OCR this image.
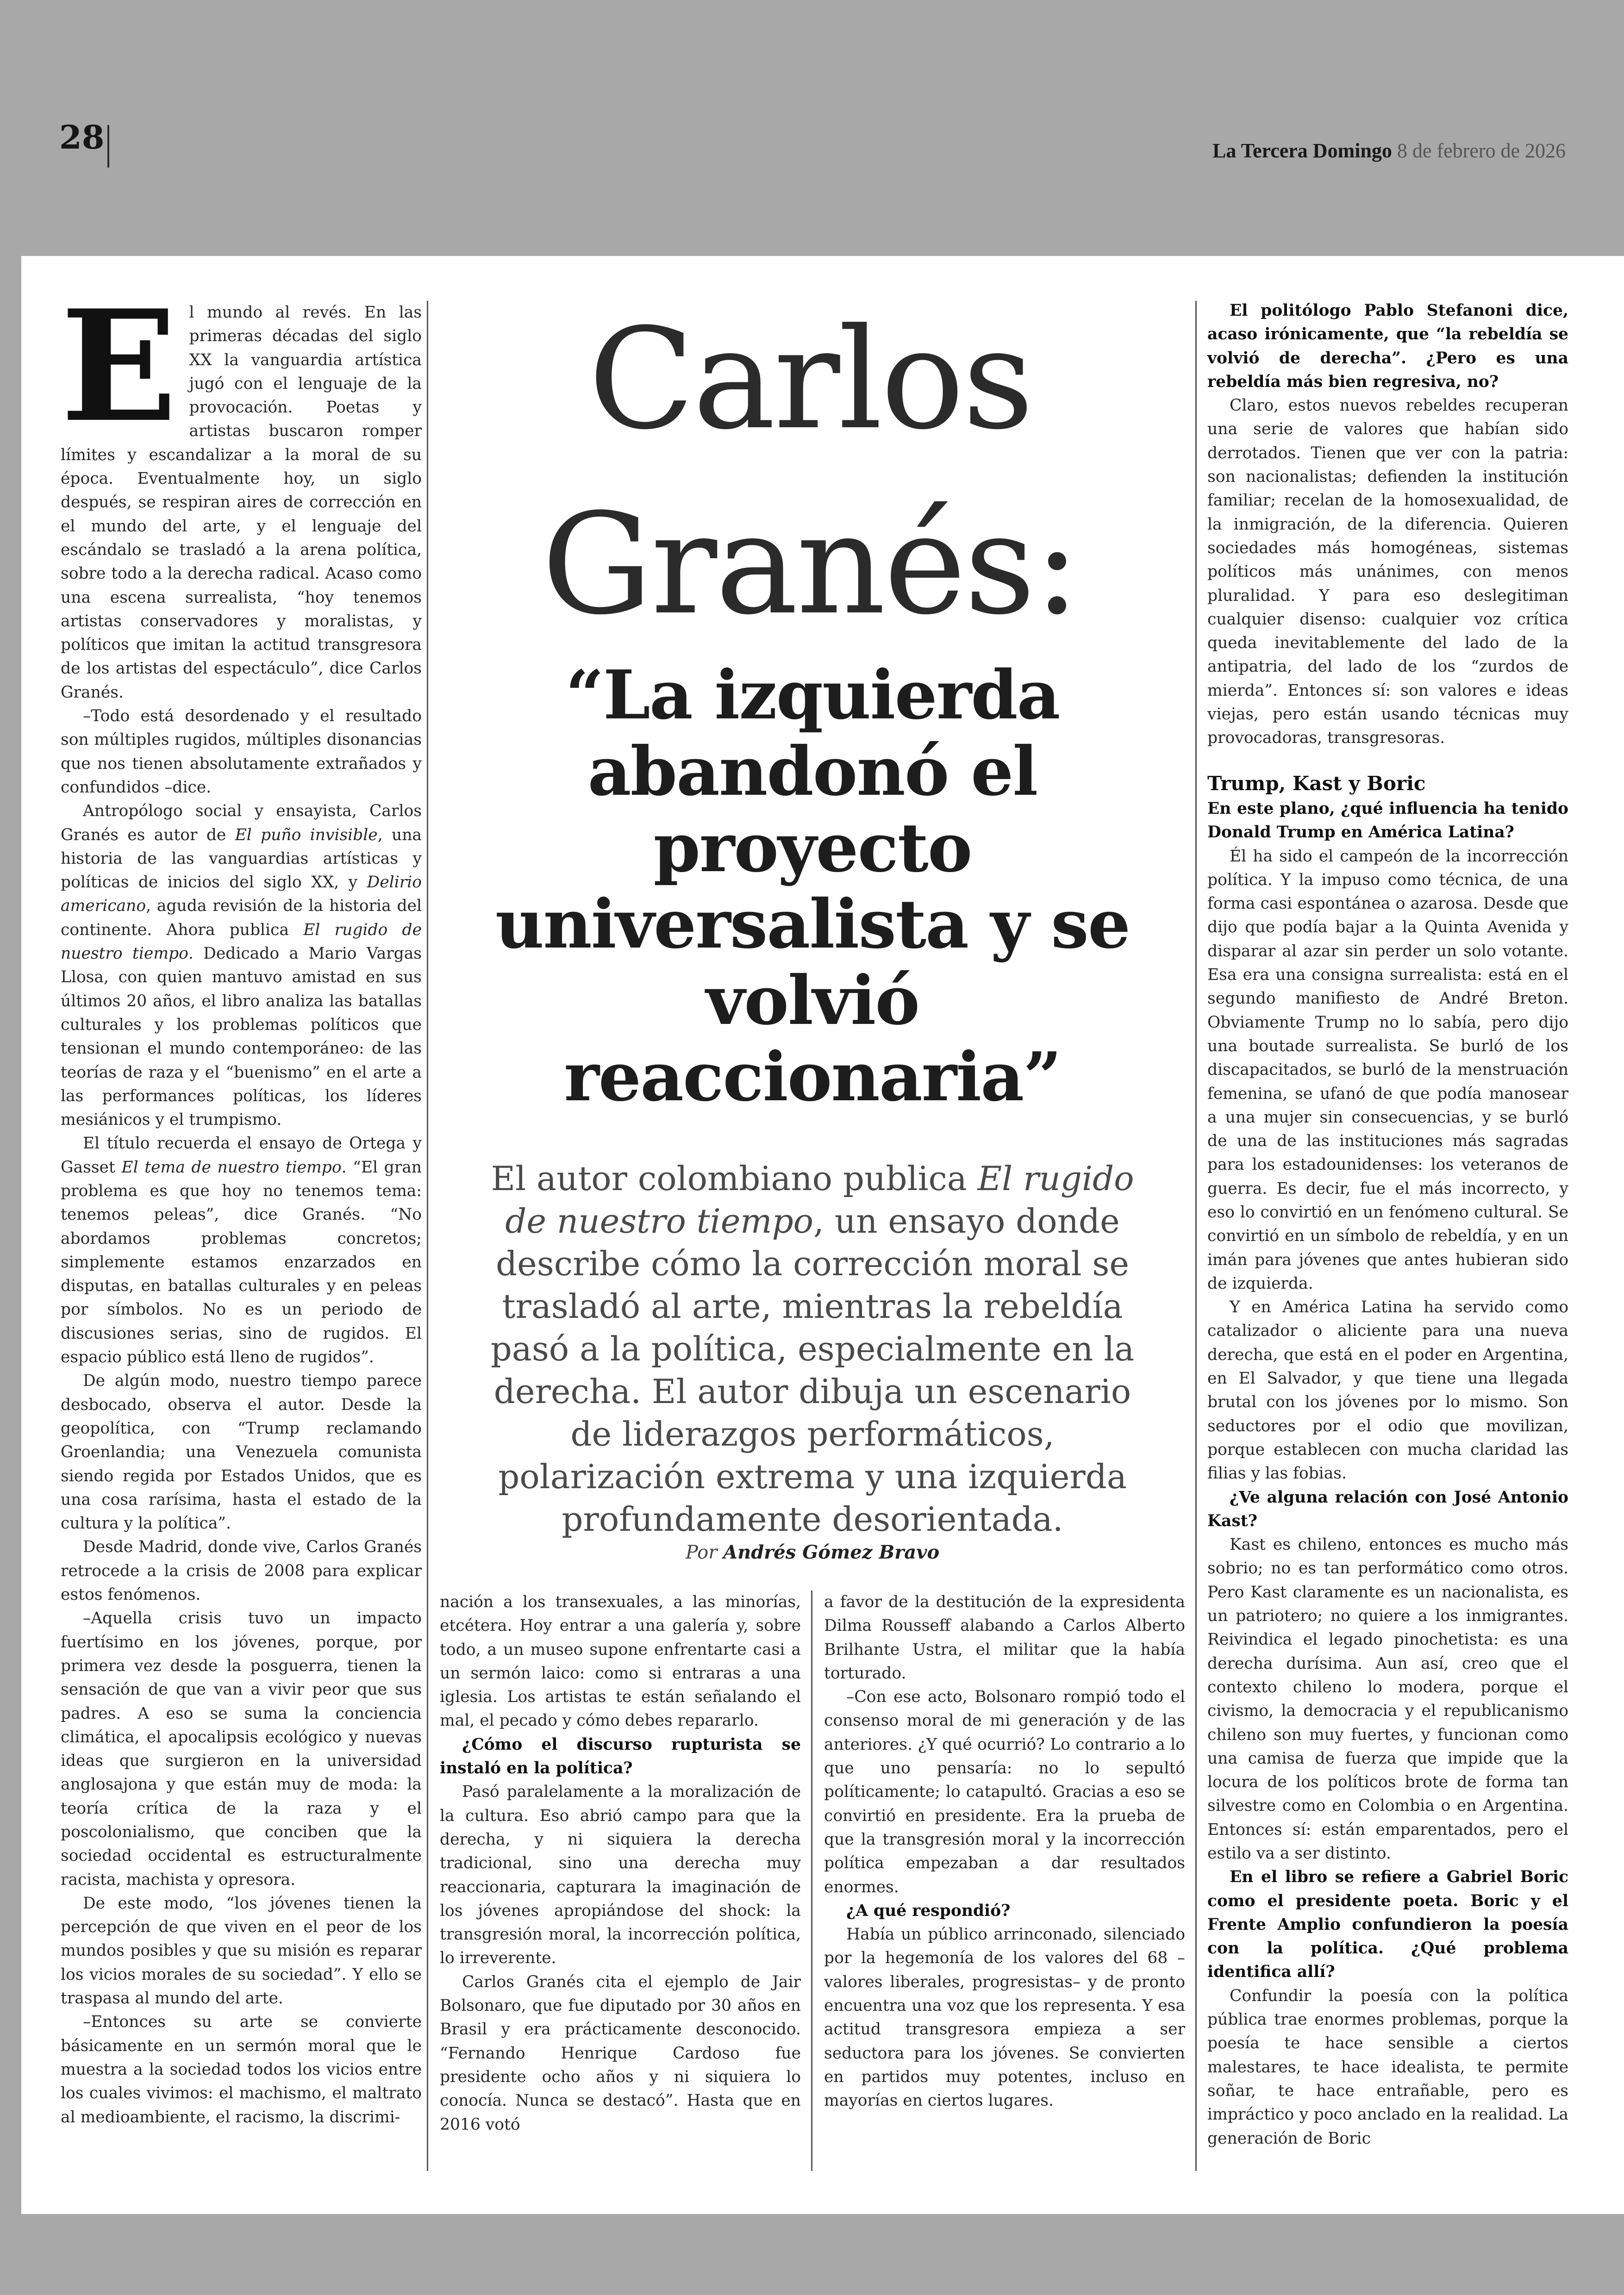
28	La Tercera Domingo 8 de febrero de 2026
Carlos
Granés:
“La izquierda abandonó el proyecto universalista y se volvió reaccionaria”
El autor colombiano publica El rugido de nuestro tiempo, un ensayo donde describe cómo la corrección moral se trasladó al arte, mientras la rebeldía pasó a la política, especialmente en la derecha. El autor dibuja un escenario de liderazgos performáticos, polarización extrema y una izquierda profundamente desorientada.
Por Andrés Gómez Bravo

El mundo al revés. En las primeras décadas del siglo XX la vanguardia artística jugó con el lenguaje de la provocación. Poetas y artistas buscaron romper límites y escandalizar a la moral de su época. Eventualmente hoy, un siglo después, se respiran aires de corrección en el mundo del arte, y el lenguaje del escándalo se trasladó a la arena política, sobre todo a la derecha radical. Acaso como una escena surrealista, “hoy tenemos artistas conservadores y moralistas, y políticos que imitan la actitud transgresora de los artistas del espectáculo”, dice Carlos Granés.

–Todo está desordenado y el resultado son múltiples rugidos, múltiples disonancias que nos tienen absolutamente extrañados y confundidos –dice.

Antropólogo social y ensayista, Carlos Granés es autor de El puño invisible, una historia de las vanguardias artísticas y políticas de inicios del siglo XX, y Delirio americano, aguda revisión de la historia del continente. Ahora publica El rugido de nuestro tiempo. Dedicado a Mario Vargas Llosa, con quien mantuvo amistad en sus últimos 20 años, el libro analiza las batallas culturales y los problemas políticos que tensionan el mundo contemporáneo: de las teorías de raza y el “buenismo” en el arte a las performances políticas, los líderes mesiánicos y el trumpismo.

El título recuerda el ensayo de Ortega y Gasset El tema de nuestro tiempo. “El gran problema es que hoy no tenemos tema: tenemos peleas”, dice Granés. “No abordamos problemas concretos; simplemente estamos enzarzados en disputas, en batallas culturales y en peleas por símbolos. No es un periodo de discusiones serias, sino de rugidos. El espacio público está lleno de rugidos”.

De algún modo, nuestro tiempo parece desbocado, observa el autor. Desde la geopolítica, con “Trump reclamando Groenlandia; una Venezuela comunista siendo regida por Estados Unidos, que es una cosa rarísima, hasta el estado de la cultura y la política”.

Desde Madrid, donde vive, Carlos Granés retrocede a la crisis de 2008 para explicar estos fenómenos.

–Aquella crisis tuvo un impacto fuertísimo en los jóvenes, porque, por primera vez desde la posguerra, tienen la sensación de que van a vivir peor que sus padres. A eso se suma la conciencia climática, el apocalipsis ecológico y nuevas ideas que surgieron en la universidad anglosajona y que están muy de moda: la teoría crítica de la raza y el poscolonialismo, que conciben que la sociedad occidental es estructuralmente racista, machista y opresora.

De este modo, “los jóvenes tienen la percepción de que viven en el peor de los mundos posibles y que su misión es reparar los vicios morales de su sociedad”. Y ello se traspasa al mundo del arte.

–Entonces su arte se convierte básicamente en un sermón moral que le muestra a la sociedad todos los vicios entre los cuales vivimos: el machismo, el maltrato al medioambiente, el racismo, la discrimi-

nación a los transexuales, a las minorías, etcétera. Hoy entrar a una galería y, sobre todo, a un museo supone enfrentarte casi a un sermón laico: como si entraras a una iglesia. Los artistas te están señalando el mal, el pecado y cómo debes repararlo.

¿Cómo el discurso rupturista se instaló en la política?

Pasó paralelamente a la moralización de la cultura. Eso abrió campo para que la derecha, y ni siquiera la derecha tradicional, sino una derecha muy reaccionaria, capturara la imaginación de los jóvenes apropiándose del shock: la transgresión moral, la incorrección política, lo irreverente.

Carlos Granés cita el ejemplo de Jair Bolsonaro, que fue diputado por 30 años en Brasil y era prácticamente desconocido. “Fernando Henrique Cardoso fue presidente ocho años y ni siquiera lo conocía. Nunca se destacó”. Hasta que en 2016 votó

a favor de la destitución de la expresidenta Dilma Rousseff alabando a Carlos Alberto Brilhante Ustra, el militar que la había torturado.

–Con ese acto, Bolsonaro rompió todo el consenso moral de mi generación y de las anteriores. ¿Y qué ocurrió? Lo contrario a lo que uno pensaría: no lo sepultó políticamente; lo catapultó. Gracias a eso se convirtió en presidente. Era la prueba de que la transgresión moral y la incorrección política empezaban a dar resultados enormes.

¿A qué respondió?

Había un público arrinconado, silenciado por la hegemonía de los valores del 68 –valores liberales, progresistas– y de pronto encuentra una voz que los representa. Y esa actitud transgresora empieza a ser seductora para los jóvenes. Se convierten en partidos muy potentes, incluso en mayorías en ciertos lugares.

El politólogo Pablo Stefanoni dice, acaso irónicamente, que “la rebeldía se volvió de derecha”. ¿Pero es una rebeldía más bien regresiva, no?

Claro, estos nuevos rebeldes recuperan una serie de valores que habían sido derrotados. Tienen que ver con la patria: son nacionalistas; defienden la institución familiar; recelan de la homosexualidad, de la inmigración, de la diferencia. Quieren sociedades más homogéneas, sistemas políticos más unánimes, con menos pluralidad. Y para eso deslegitiman cualquier disenso: cualquier voz crítica queda inevitablemente del lado de la antipatria, del lado de los “zurdos de mierda”. Entonces sí: son valores e ideas viejas, pero están usando técnicas muy provocadoras, transgresoras.

Trump, Kast y Boric

En este plano, ¿qué influencia ha tenido Donald Trump en América Latina?

Él ha sido el campeón de la incorrección política. Y la impuso como técnica, de una forma casi espontánea o azarosa. Desde que dijo que podía bajar a la Quinta Avenida y disparar al azar sin perder un solo votante. Esa era una consigna surrealista: está en el segundo manifiesto de André Breton. Obviamente Trump no lo sabía, pero dijo una boutade surrealista. Se burló de los discapacitados, se burló de la menstruación femenina, se ufanó de que podía manosear a una mujer sin consecuencias, y se burló de una de las instituciones más sagradas para los estadounidenses: los veteranos de guerra. Es decir, fue el más incorrecto, y eso lo convirtió en un fenómeno cultural. Se convirtió en un símbolo de rebeldía, y en un imán para jóvenes que antes hubieran sido de izquierda.

Y en América Latina ha servido como catalizador o aliciente para una nueva derecha, que está en el poder en Argentina, en El Salvador, y que tiene una llegada brutal con los jóvenes por lo mismo. Son seductores por el odio que movilizan, porque establecen con mucha claridad las filias y las fobias.

¿Ve alguna relación con José Antonio Kast?

Kast es chileno, entonces es mucho más sobrio; no es tan performático como otros. Pero Kast claramente es un nacionalista, es un patriotero; no quiere a los inmigrantes. Reivindica el legado pinochetista: es una derecha durísima. Aun así, creo que el contexto chileno lo modera, porque el civismo, la democracia y el republicanismo chileno son muy fuertes, y funcionan como una camisa de fuerza que impide que la locura de los políticos brote de forma tan silvestre como en Colombia o en Argentina. Entonces sí: están emparentados, pero el estilo va a ser distinto.

En el libro se refiere a Gabriel Boric como el presidente poeta. Boric y el Frente Amplio confundieron la poesía con la política. ¿Qué problema identifica allí?

Confundir la poesía con la política pública trae enormes problemas, porque la poesía te hace sensible a ciertos malestares, te hace idealista, te permite soñar, te hace entrañable, pero es impráctico y poco anclado en la realidad. La generación de Boric
